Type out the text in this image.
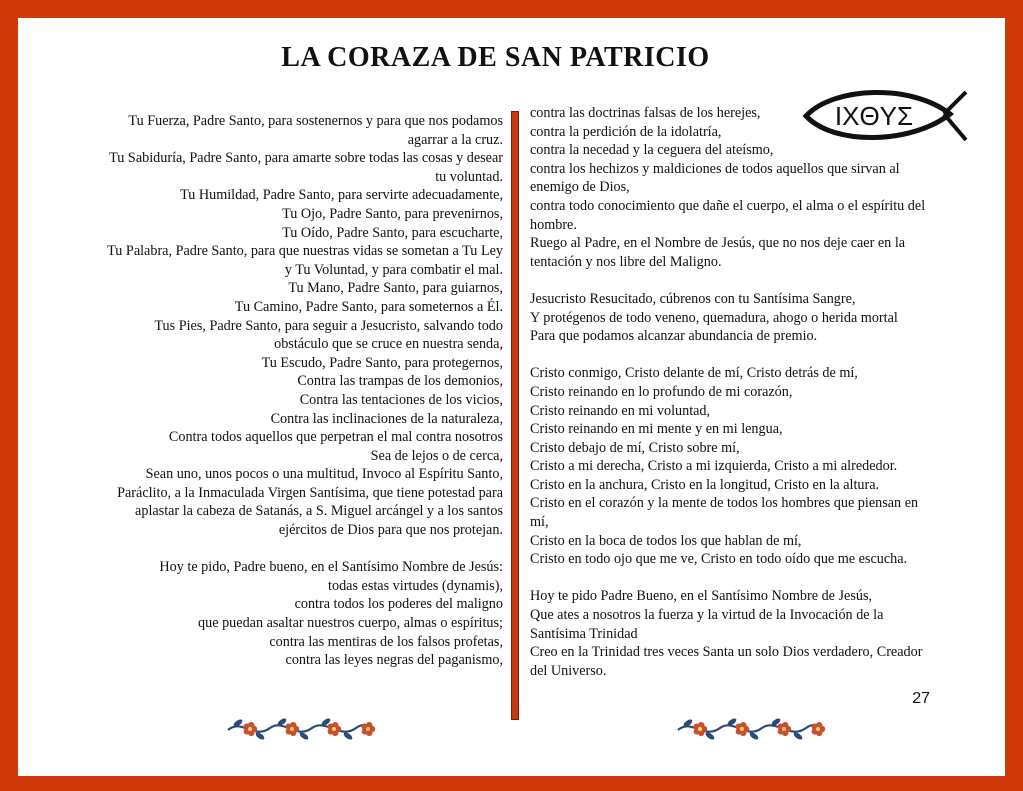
LA CORAZA DE SAN PATRICIO
IXΘYΣ

Tu Fuerza, Padre Santo, para sostenernos y para que nos podamos

agarrar a la cruz.

Tu Sabiduría, Padre Santo, para amarte sobre todas las cosas y desear

tu voluntad.

Tu Humildad, Padre Santo, para servirte adecuadamente,

Tu Ojo, Padre Santo, para prevenirnos,

Tu Oído, Padre Santo, para escucharte,

Tu Palabra, Padre Santo, para que nuestras vidas se sometan a Tu Ley

y Tu Voluntad, y para combatir el mal.

Tu Mano, Padre Santo, para guiarnos,

Tu Camino, Padre Santo, para someternos a Él.

Tus Pies, Padre Santo, para seguir a Jesucristo, salvando todo

obstáculo que se cruce en nuestra senda,

Tu Escudo, Padre Santo, para protegernos,

Contra las trampas de los demonios,

Contra las tentaciones de los vicios,

Contra las inclinaciones de la naturaleza,

Contra todos aquellos que perpetran el mal contra nosotros

Sea de lejos o de cerca,

Sean uno, unos pocos o una multitud, Invoco al Espíritu Santo,

Paráclito, a la Inmaculada Virgen Santísima, que tiene potestad para

aplastar la cabeza de Satanás, a S. Miguel arcángel y a los santos

ejércitos de Dios para que nos protejan.

Hoy te pido, Padre bueno, en el Santísimo Nombre de Jesús:

todas estas virtudes (dynamis),

contra todos los poderes del maligno

que puedan asaltar nuestros cuerpo, almas o espíritus;

contra las mentiras de los falsos profetas,

contra las leyes negras del paganismo,

contra las doctrinas falsas de los herejes,

contra la perdición de la idolatría,

contra la necedad y la ceguera del ateísmo,

contra los hechizos y maldiciones de todos aquellos que sirvan al

enemigo de Dios,

contra todo conocimiento que dañe el cuerpo, el alma o el espíritu del

hombre.

Ruego al Padre, en el Nombre de Jesús, que no nos deje caer en la

tentación y nos libre del Maligno.

Jesucristo Resucitado, cúbrenos con tu Santísima Sangre,

Y protégenos de todo veneno, quemadura, ahogo o herida mortal

Para que podamos alcanzar abundancia de premio.

Cristo conmigo, Cristo delante de mí, Cristo detrás de mí,

Cristo reinando en lo profundo de mi corazón,

Cristo reinando en mi voluntad,

Cristo reinando en mi mente y en mi lengua,

Cristo debajo de mí, Cristo sobre mí,

Cristo a mi derecha, Cristo a mi izquierda, Cristo a mi alrededor.

Cristo en la anchura, Cristo en la longitud, Cristo en la altura.

Cristo en el corazón y la mente de todos los hombres que piensan en

mí,

Cristo en la boca de todos los que hablan de mí,

Cristo en todo ojo que me ve, Cristo en todo oído que me escucha.

Hoy te pido Padre Bueno, en el Santísimo Nombre de Jesús,

Que ates a nosotros la fuerza y la virtud de la Invocación de la

Santísima Trinidad

Creo en la Trinidad tres veces Santa un solo Dios verdadero, Creador

del Universo.

27
